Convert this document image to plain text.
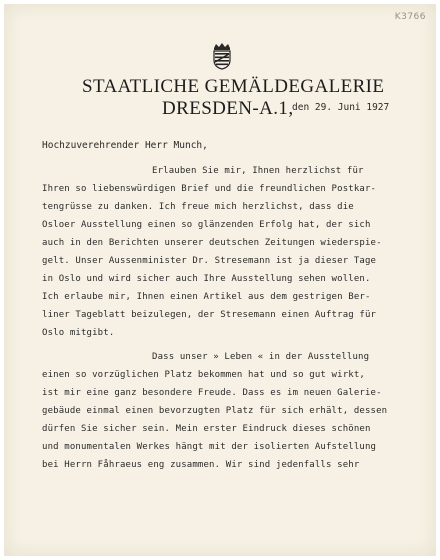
K3766
STAATLICHE GEMÄLDEGALERIE
DRESDEN-A.1,
den 29. Juni 1927
Hochzuverehrender Herr Munch,
Erlauben Sie mir, Ihnen herzlichst für
Ihren so liebenswürdigen Brief und die freundlichen Postkar-
tengrüsse zu danken. Ich freue mich herzlichst, dass die
Osloer Ausstellung einen so glänzenden Erfolg hat, der sich
auch in den Berichten unserer deutschen Zeitungen wiederspie-
gelt. Unser Aussenminister Dr. Stresemann ist ja dieser Tage
in Oslo und wird sicher auch Ihre Ausstellung sehen wollen.
Ich erlaube mir, Ihnen einen Artikel aus dem gestrigen Ber-
liner Tageblatt beizulegen, der Stresemann einen Auftrag für
Oslo mitgibt.
Dass unser » Leben « in der Ausstellung
einen so vorzüglichen Platz bekommen hat und so gut wirkt,
ist mir eine ganz besondere Freude. Dass es im neuen Galerie-
gebäude einmal einen bevorzugten Platz für sich erhält, dessen
dürfen Sie sicher sein. Mein erster Eindruck dieses schönen
und monumentalen Werkes hängt mit der isolierten Aufstellung
bei Herrn Fåhraeus eng zusammen. Wir sind jedenfalls sehr
